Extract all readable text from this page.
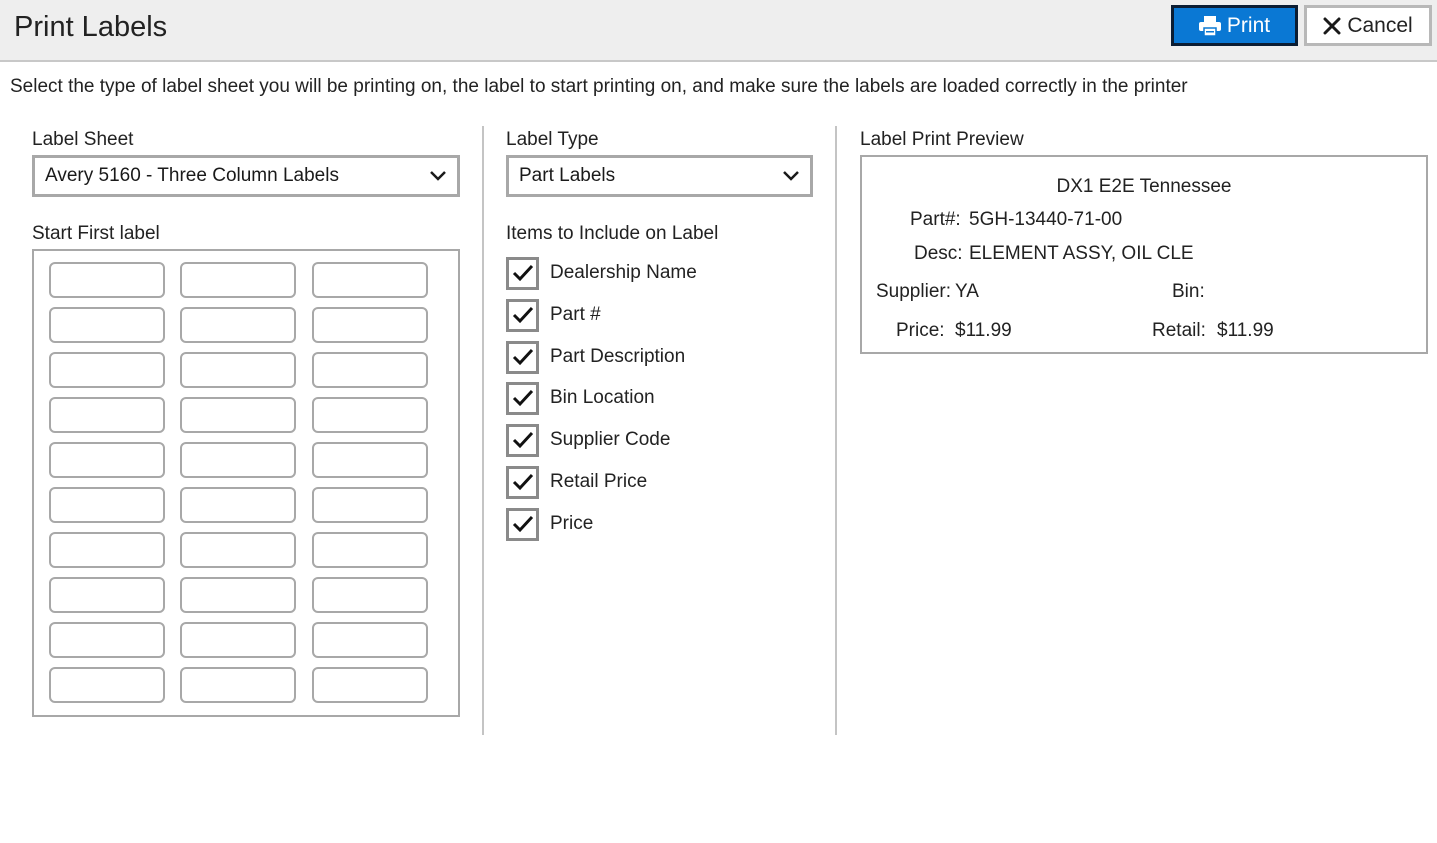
Print Labels	Print	Cancel
Select the type of label sheet you will be printing on, the label to start printing on, and make sure the labels are loaded correctly in the printer
Label Sheet
Avery 5160 - Three Column Labels
Start First label
Label Type
Part Labels
Items to Include on Label
Dealership Name
Part #
Part Description
Bin Location
Supplier Code
Retail Price
Price
Label Print Preview
DX1 E2E Tennessee
Part#: 5GH-13440-71-00
Desc: ELEMENT ASSY, OIL CLE
Supplier: YA	Bin:
Price: $11.99	Retail: $11.99
